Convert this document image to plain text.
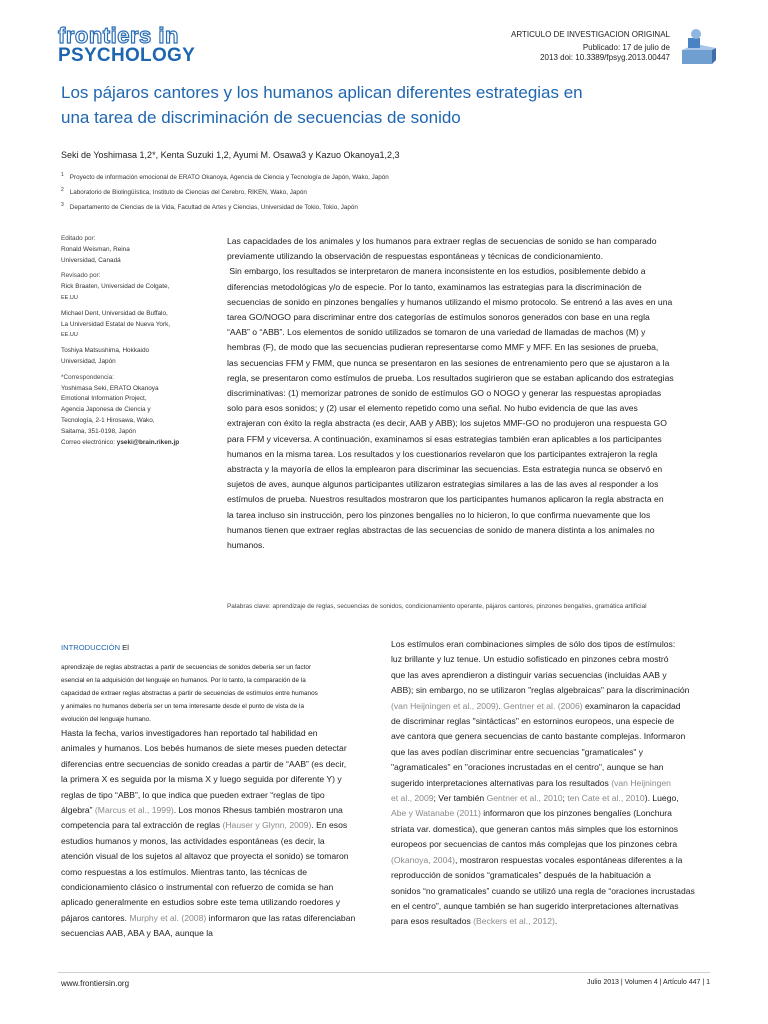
frontiers in
PSYCHOLOGY
ARTICULO DE INVESTIGACION ORIGINAL
Publicado: 17 de julio de
2013 doi: 10.3389/fpsyg.2013.00447
Los pájaros cantores y los humanos aplican diferentes estrategias en
una tarea de discriminación de secuencias de sonido
Seki de Yoshimasa 1,2*, Kenta Suzuki 1,2, Ayumi M. Osawa3 y Kazuo Okanoya1,2,3
$^1$ Proyecto de información emocional de ERATO Okanoya, Agencia de Ciencia y Tecnología de Japón, Wako, Japón
$^2$ Laboratorio de Biolingüística, Instituto de Ciencias del Cerebro, RIKEN, Wako, Japón
$^3$ Departamento de Ciencias de la Vida, Facultad de Artes y Ciencias, Universidad de Tokio, Tokio, Japón
Editado por:
Ronald Weisman, Reina
Universidad, Canadá
Revisado por:
Rick Braaten, Universidad de Colgate,
EE.UU
Michael Dent, Universidad de Buffalo,
La Universidad Estatal de Nueva York,
EE.UU
Toshiya Matsushima, Hokkaido
Universidad, Japón
*Correspondencia:
Yoshimasa Seki, ERATO Okanoya
Emotional Information Project,
Agencia Japonesa de Ciencia y
Tecnología, 2-1 Hirosawa, Wako,
Saitama, 351-0198, Japón
Correo electrónico: yseki@brain.riken.jp
Las capacidades de los animales y los humanos para extraer reglas de secuencias de sonido se han comparado
previamente utilizando la observación de respuestas espontáneas y técnicas de condicionamiento.
Sin embargo, los resultados se interpretaron de manera inconsistente en los estudios, posiblemente debido a
diferencias metodológicas y/o de especie. Por lo tanto, examinamos las estrategias para la discriminación de
secuencias de sonido en pinzones bengalíes y humanos utilizando el mismo protocolo. Se entrenó a las aves en una
tarea GO/NOGO para discriminar entre dos categorías de estímulos sonoros generados con base en una regla
“AAB” o “ABB”. Los elementos de sonido utilizados se tomaron de una variedad de llamadas de machos (M) y
hembras (F), de modo que las secuencias pudieran representarse como MMF y MFF. En las sesiones de prueba,
las secuencias FFM y FMM, que nunca se presentaron en las sesiones de entrenamiento pero que se ajustaron a la
regla, se presentaron como estímulos de prueba. Los resultados sugirieron que se estaban aplicando dos estrategias
discriminativas: (1) memorizar patrones de sonido de estímulos GO o NOGO y generar las respuestas apropiadas
solo para esos sonidos; y (2) usar el elemento repetido como una señal. No hubo evidencia de que las aves
extrajeran con éxito la regla abstracta (es decir, AAB y ABB); los sujetos MMF-GO no produjeron una respuesta GO
para FFM y viceversa. A continuación, examinamos si esas estrategias también eran aplicables a los participantes
humanos en la misma tarea. Los resultados y los cuestionarios revelaron que los participantes extrajeron la regla
abstracta y la mayoría de ellos la emplearon para discriminar las secuencias. Esta estrategia nunca se observó en
sujetos de aves, aunque algunos participantes utilizaron estrategias similares a las de las aves al responder a los
estímulos de prueba. Nuestros resultados mostraron que los participantes humanos aplicaron la regla abstracta en
la tarea incluso sin instrucción, pero los pinzones bengalíes no lo hicieron, lo que confirma nuevamente que los
humanos tienen que extraer reglas abstractas de las secuencias de sonido de manera distinta a los animales no
humanos.
Palabras clave: aprendizaje de reglas, secuencias de sonidos, condicionamiento operante, pájaros cantores, pinzones bengalíes, gramática artificial
INTRODUCCIÓN El
aprendizaje de reglas abstractas a partir de secuencias de sonidos debería ser un factor
esencial en la adquisición del lenguaje en humanos. Por lo tanto, la comparación de la
capacidad de extraer reglas abstractas a partir de secuencias de estímulos entre humanos
y animales no humanos debería ser un tema interesante desde el punto de vista de la
evolución del lenguaje humano.
Hasta la fecha, varios investigadores han reportado tal habilidad en
animales y humanos. Los bebés humanos de siete meses pueden detectar
diferencias entre secuencias de sonido creadas a partir de “AAB” (es decir,
la primera X es seguida por la misma X y luego seguida por diferente Y) y
reglas de tipo “ABB”, lo que indica que pueden extraer “reglas de tipo
álgebra” (Marcus et al., 1999). Los monos Rhesus también mostraron una
competencia para tal extracción de reglas (Hauser y Glynn, 2009). En esos
estudios humanos y monos, las actividades espontáneas (es decir, la
atención visual de los sujetos al altavoz que proyecta el sonido) se tomaron
como respuestas a los estímulos. Mientras tanto, las técnicas de
condicionamiento clásico o instrumental con refuerzo de comida se han
aplicado generalmente en estudios sobre este tema utilizando roedores y
pájaros cantores. Murphy et al. (2008) informaron que las ratas diferenciaban
secuencias AAB, ABA y BAA, aunque la
Los estímulos eran combinaciones simples de sólo dos tipos de estímulos:
luz brillante y luz tenue. Un estudio sofisticado en pinzones cebra mostró
que las aves aprendieron a distinguir varias secuencias (incluidas AAB y
ABB); sin embargo, no se utilizaron "reglas algebraicas" para la discriminación
(van Heijningen et al., 2009). Gentner et al. (2006) examinaron la capacidad
de discriminar reglas "sintácticas" en estorninos europeos, una especie de
ave cantora que genera secuencias de canto bastante complejas. Informaron
que las aves podían discriminar entre secuencias "gramaticales" y
"agramaticales" en "oraciones incrustadas en el centro", aunque se han
sugerido interpretaciones alternativas para los resultados (van Heijningen
et al., 2009; Ver también Gentner et al., 2010; ten Cate et al., 2010). Luego,
Abe y Watanabe (2011) informaron que los pinzones bengalíes (Lonchura
striata var. domestica), que generan cantos más simples que los estorninos
europeos por secuencias de cantos más complejas que los pinzones cebra
(Okanoya, 2004), mostraron respuestas vocales espontáneas diferentes a la
reproducción de sonidos “gramaticales” después de la habituación a
sonidos “no gramaticales” cuando se utilizó una regla de “oraciones incrustadas
en el centro”, aunque también se han sugerido interpretaciones alternativas
para esos resultados (Beckers et al., 2012).
www.frontiersin.org	Julio 2013 | Volumen 4 | Artículo 447 | 1
